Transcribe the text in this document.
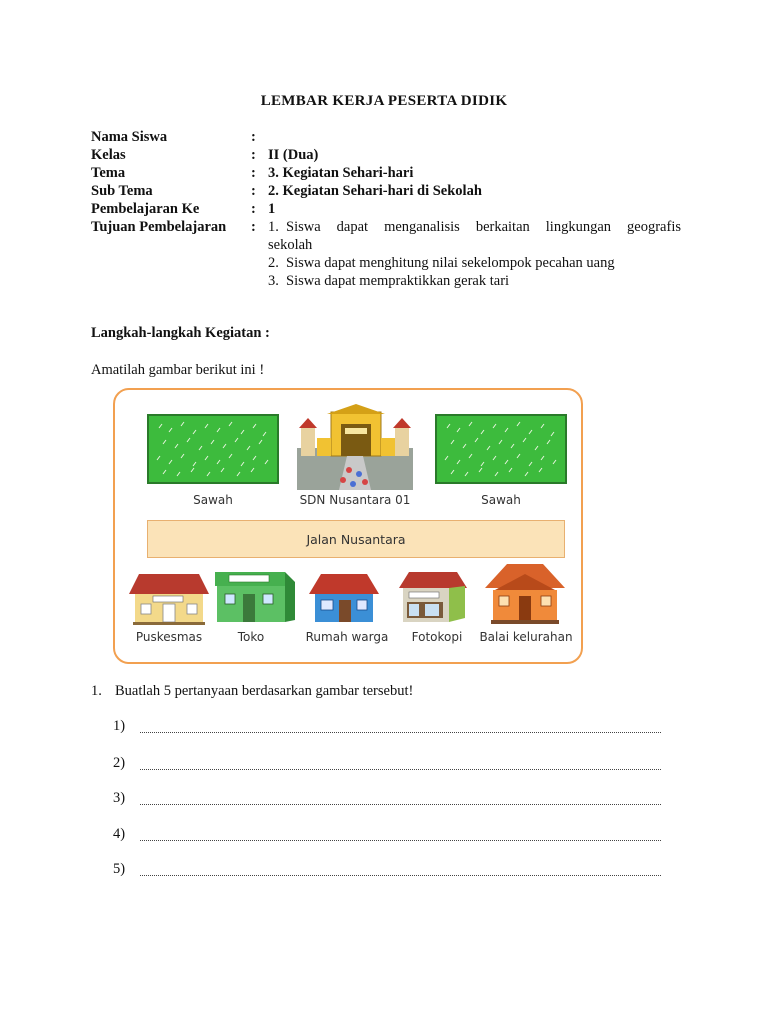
LEMBAR KERJA PESERTA DIDIK
Nama Siswa	:
Kelas	: II (Dua)
Tema	: 3. Kegiatan Sehari-hari
Sub Tema	: 2. Kegiatan Sehari-hari di Sekolah
Pembelajaran Ke	: 1
Tujuan Pembelajaran	: 1. Siswa dapat menganalisis berkaitan lingkungan geografis
sekolah
2. Siswa dapat menghitung nilai sekelompok pecahan uang
3. Siswa dapat mempraktikkan gerak tari
Langkah-langkah Kegiatan :
Amatilah gambar berikut ini !
Sawah	SDN Nusantara 01	Sawah
Jalan Nusantara
Puskesmas	Toko	Rumah warga	Fotokopi	Balai kelurahan
1. Buatlah 5 pertanyaan berdasarkan gambar tersebut!
1)
2)
3)
4)
5)
